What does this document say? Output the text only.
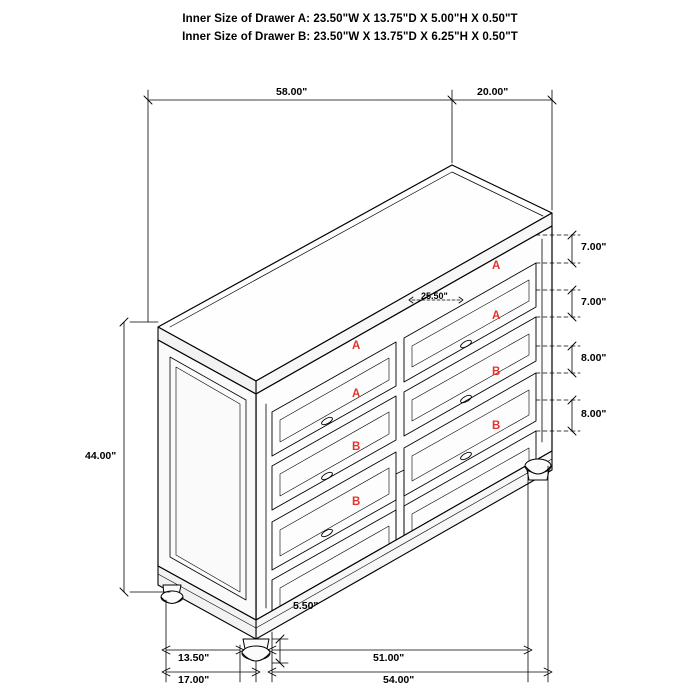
Inner Size of Drawer A: 23.50"W X 13.75"D X 5.00"H X 0.50"T
Inner Size of Drawer B: 23.50"W X 13.75"D X 6.25"H X 0.50"T
58.00"	20.00"
44.00"
5.50"
7.00"
7.00"
8.00"
8.00"
25.50"
13.50"
17.00"
51.00"
54.00"
A
A
B
B
A
A
B
B
